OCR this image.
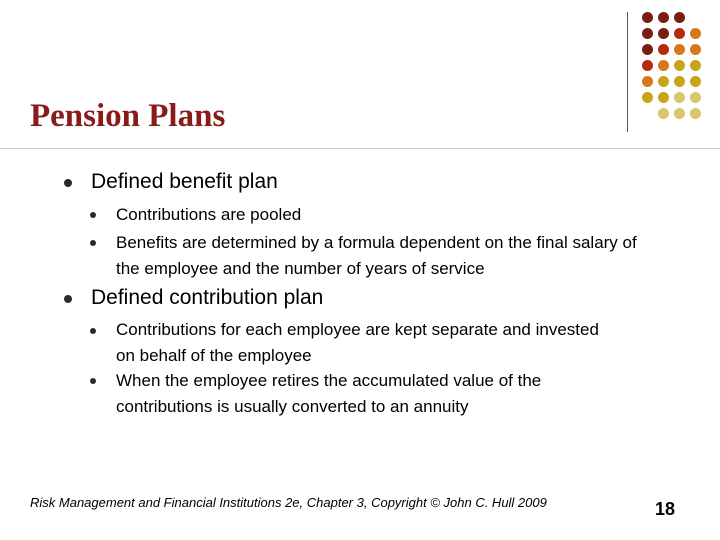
Pension Plans
Defined benefit plan
Contributions are pooled
Benefits are determined by a formula dependent on the final salary of the employee and the number of years of service
Defined contribution plan
Contributions for each employee are kept separate and invested on behalf of the employee
When the employee retires the accumulated value of the contributions is usually converted to an annuity
Risk Management and Financial Institutions 2e, Chapter 3, Copyright © John C. Hull 2009	18
